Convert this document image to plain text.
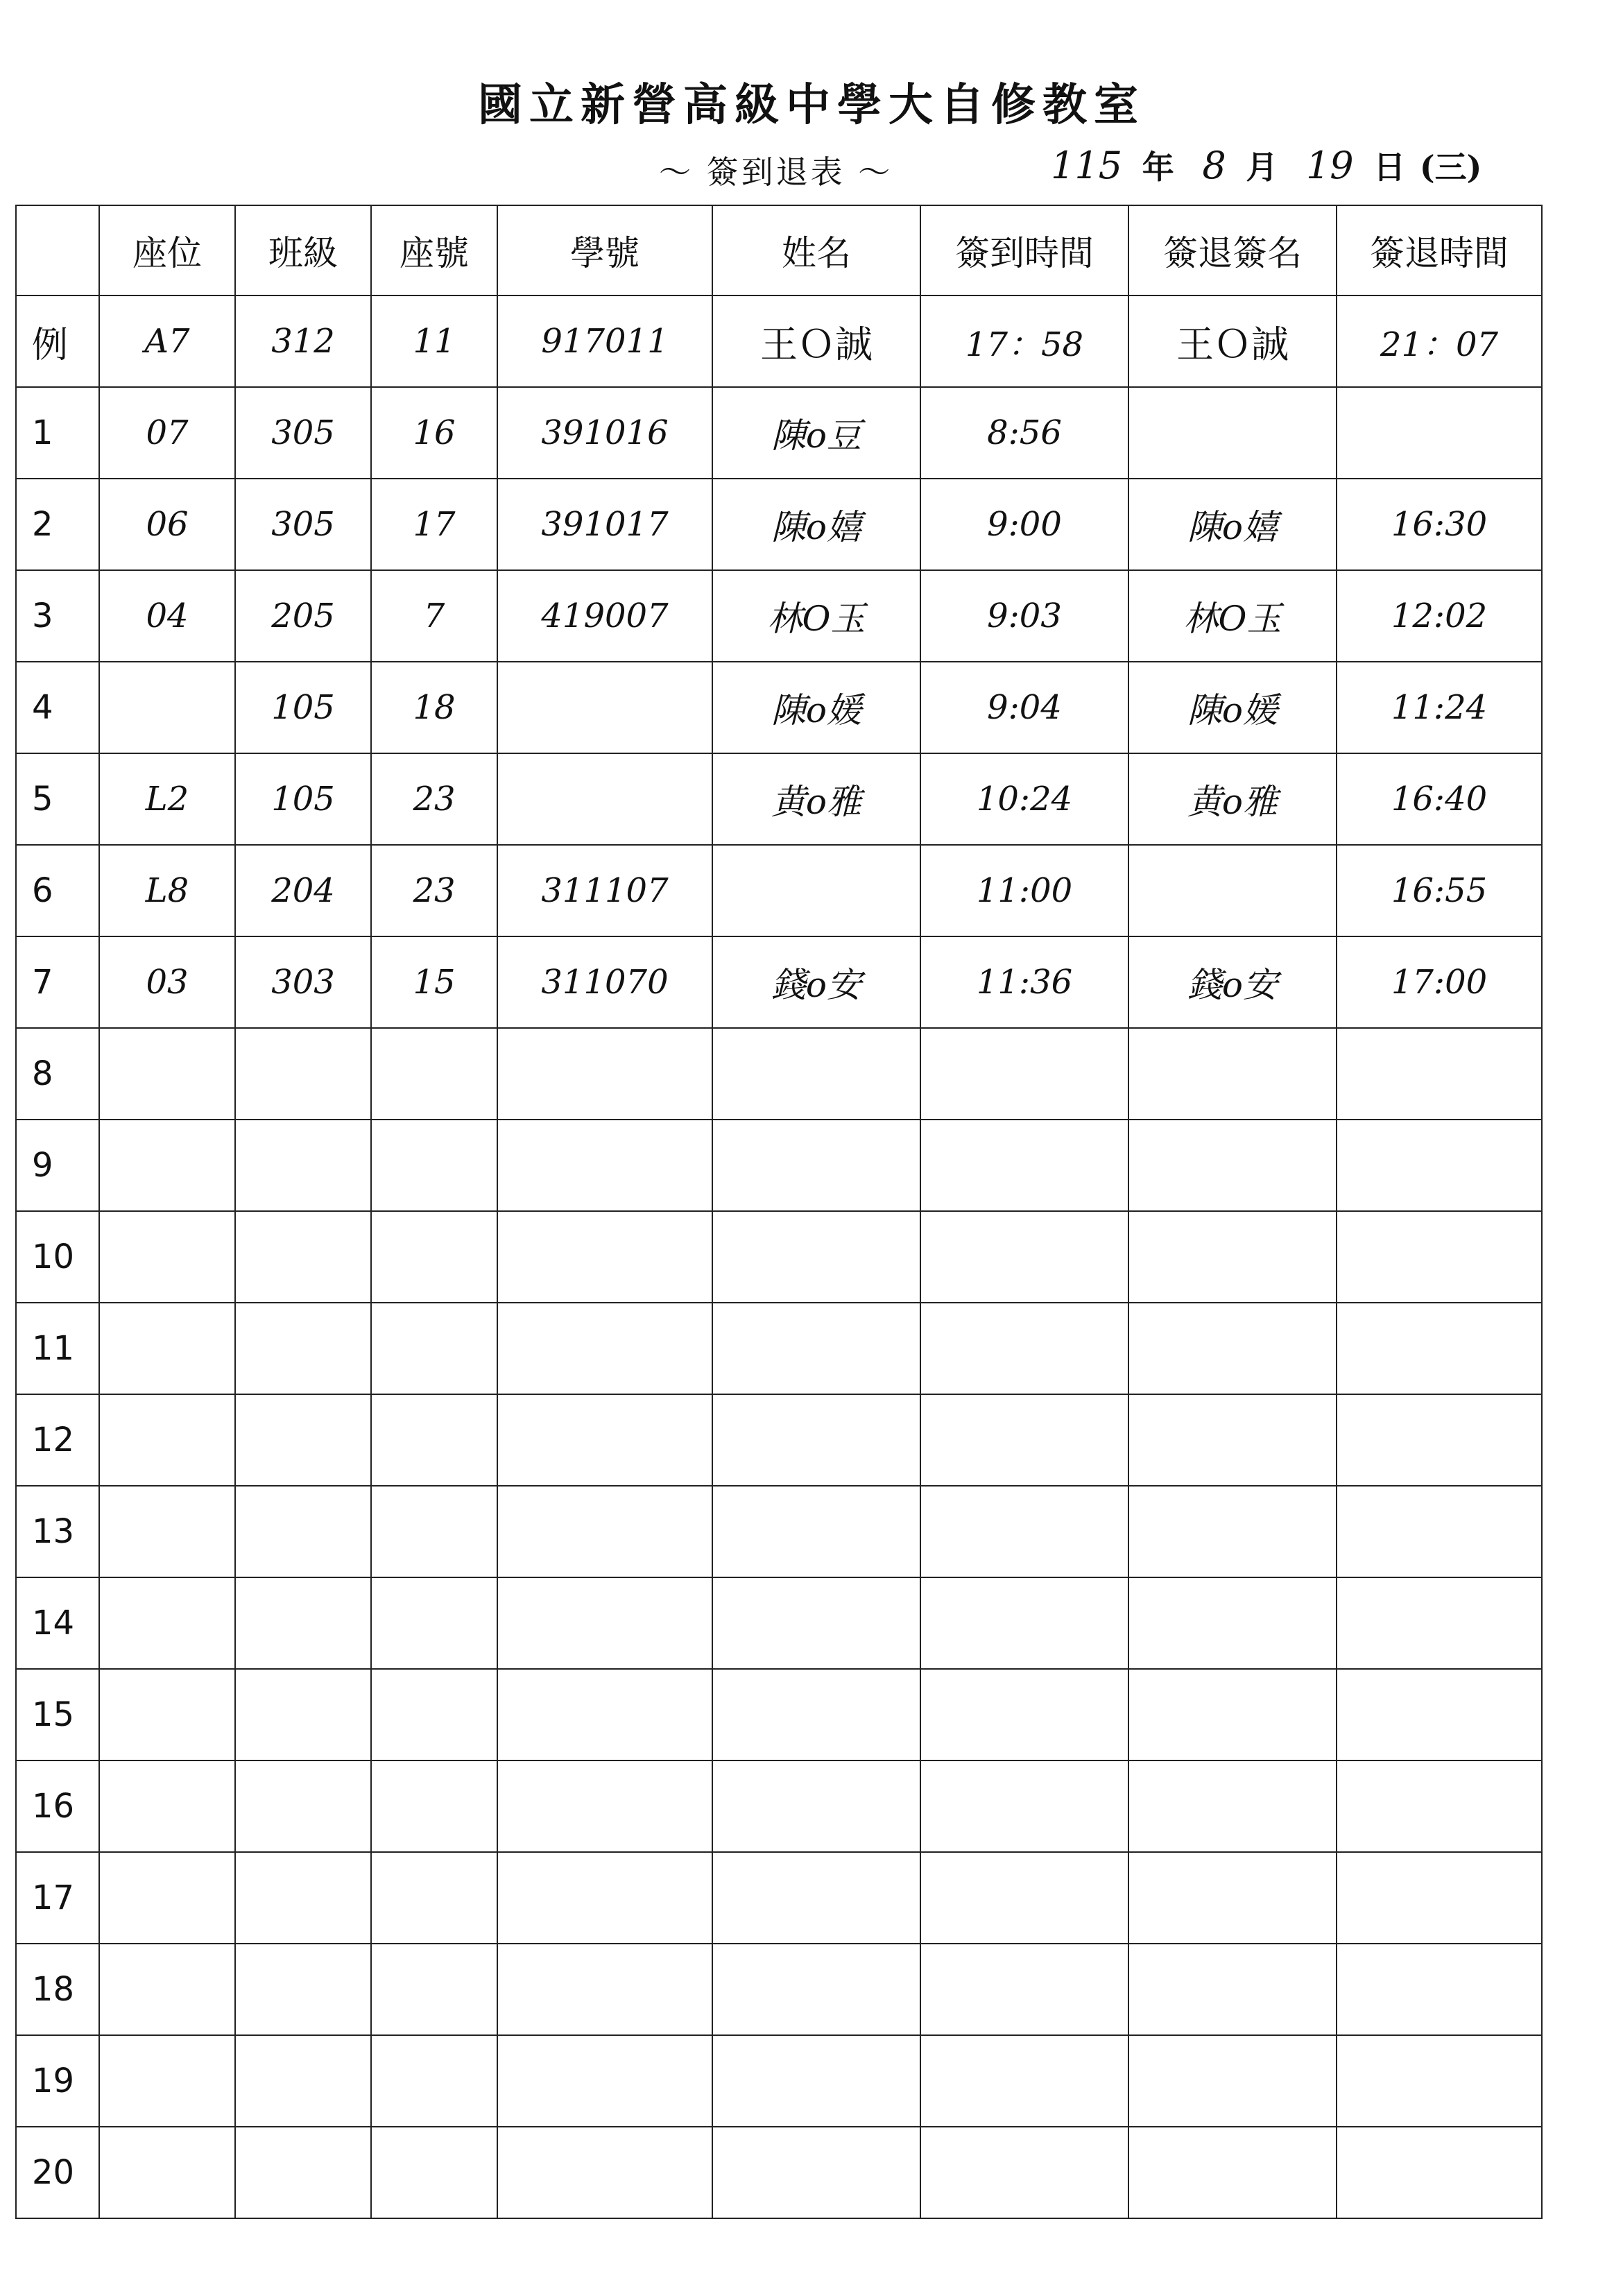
國立新營高級中學大自修教室
～ 簽到退表 ～	115 年 8 月 19 日 (三)
	座位	班級	座號	學號	姓名	簽到時間	簽退簽名	簽退時間
例	A7	312	11	917011	王Ｏ誠	17：58	王Ｏ誠	21：07
1	07	305	16	391016	陳o豆	8:56		
2	06	305	17	391017	陳o嬉	9:00	陳o嬉	16:30
3	04	205	7	419007	林O玉	9:03	林O玉	12:02
4		105	18		陳o媛	9:04	陳o媛	11:24
5	L2	105	23		黄o雅	10:24	黄o雅	16:40
6	L8	204	23	311107		11:00		16:55
7	03	303	15	311070	錢o安	11:36	錢o安	17:00
8								
9								
10								
11								
12								
13								
14								
15								
16								
17								
18								
19								
20								
